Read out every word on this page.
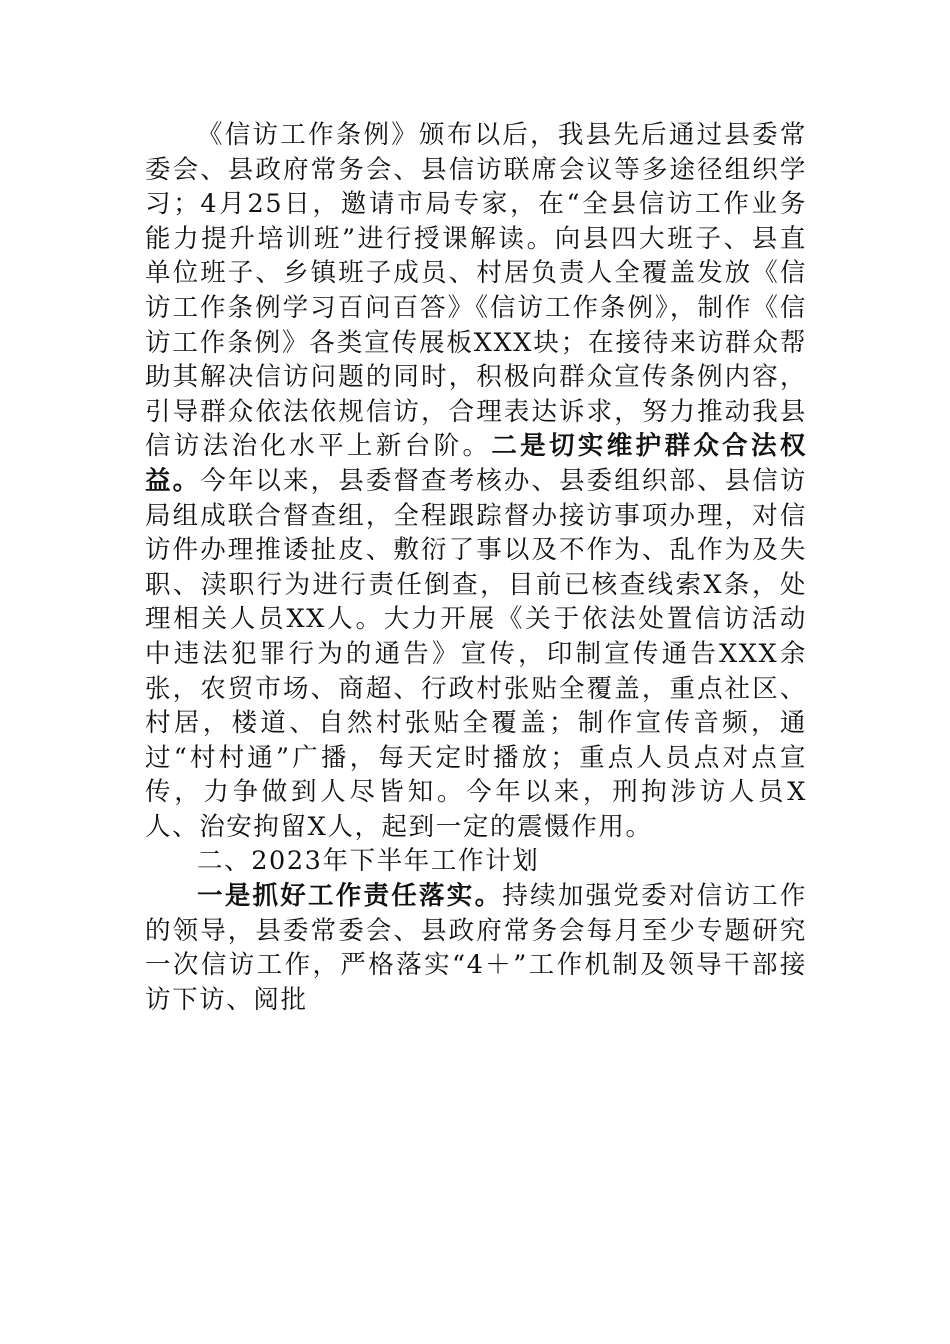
《信访工作条例》颁布以后，我县先后通过县委常委会、县政府常务会、县信访联席会议等多途径组织学习；4月25日，邀请市局专家，在“全县信访工作业务能力提升培训班”进行授课解读。向县四大班子、县直单位班子、乡镇班子成员、村居负责人全覆盖发放《信访工作条例学习百问百答》《信访工作条例》，制作《信访工作条例》各类宣传展板XXX块；在接待来访群众帮助其解决信访问题的同时，积极向群众宣传条例内容，引导群众依法依规信访，合理表达诉求，努力推动我县信访法治化水平上新台阶。二是切实维护群众合法权益。今年以来，县委督查考核办、县委组织部、县信访局组成联合督查组，全程跟踪督办接访事项办理，对信访件办理推诿扯皮、敷衍了事以及不作为、乱作为及失职、渎职行为进行责任倒查，目前已核查线索X条，处理相关人员XX人。大力开展《关于依法处置信访活动中违法犯罪行为的通告》宣传，印制宣传通告XXX余张，农贸市场、商超、行政村张贴全覆盖，重点社区、村居，楼道、自然村张贴全覆盖；制作宣传音频，通过“村村通”广播，每天定时播放；重点人员点对点宣传，力争做到人尽皆知。今年以来，刑拘涉访人员X人、治安拘留X人，起到一定的震慑作用。

二、2023年下半年工作计划

一是抓好工作责任落实。持续加强党委对信访工作的领导，县委常委会、县政府常务会每月至少专题研究一次信访工作，严格落实“4＋”工作机制及领导干部接访下访、阅批
